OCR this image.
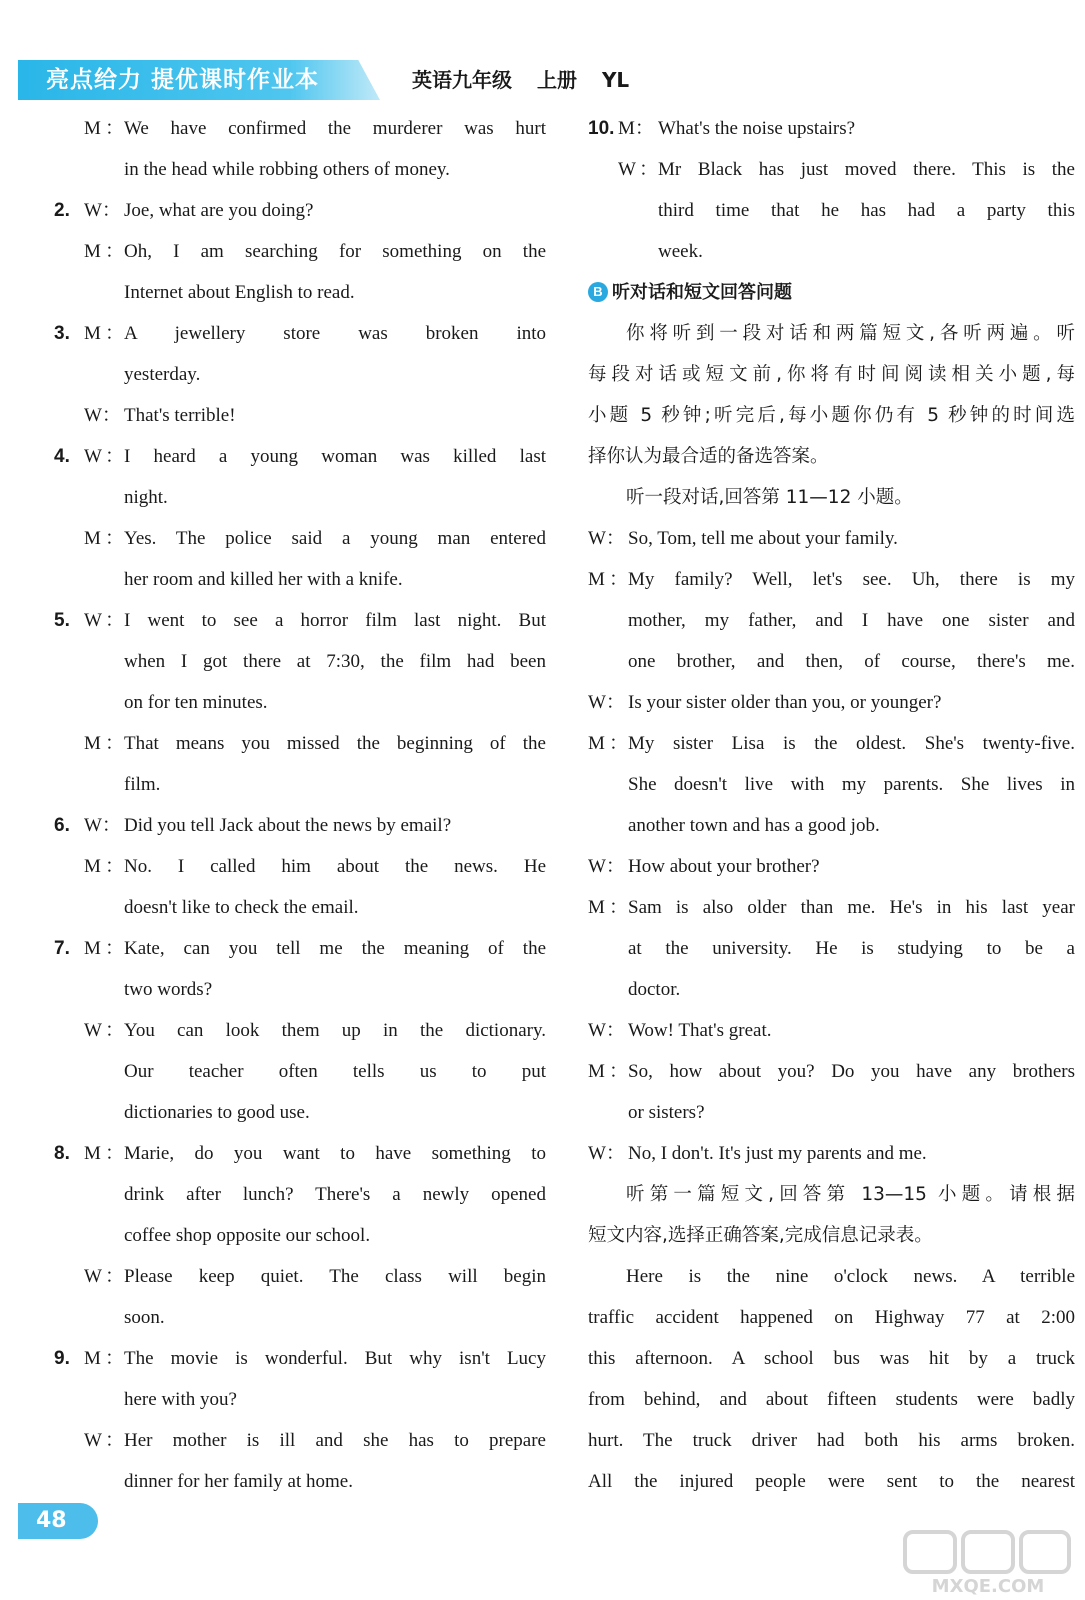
亮点给力 提优课时作业本	英语九年级 上册 YL
M：We have confirmed the murderer was hurt
in the head while robbing others of money.
2. W： Joe, what are you doing?
M：Oh, I am searching for something on the
Internet about English to read.
3. M：A jewellery store was broken into
yesterday.
W： That's terrible!
4. W：I heard a young woman was killed last
night.
M：Yes. The police said a young man entered
her room and killed her with a knife.
5. W：I went to see a horror film last night. But
when I got there at 7:30, the film had been
on for ten minutes.
M：That means you missed the beginning of the
film.
6. W： Did you tell Jack about the news by email?
M：No. I called him about the news. He
doesn't like to check the email.
7. M：Kate, can you tell me the meaning of the
two words?
W：You can look them up in the dictionary.
Our teacher often tells us to put
dictionaries to good use.
8. M：Marie, do you want to have something to
drink after lunch? There's a newly opened
coffee shop opposite our school.
W：Please keep quiet. The class will begin
soon.
9. M：The movie is wonderful. But why isn't Lucy
here with you?
W：Her mother is ill and she has to prepare
dinner for her family at home.
10. M： What's the noise upstairs?
W：Mr Black has just moved there. This is the
third time that he has had a party this
week.
B 听对话和短文回答问题
你将听到一段对话和两篇短文,各听两遍。听
每段对话或短文前,你将有时间阅读相关小题,每
小题 5 秒钟;听完后,每小题你仍有 5 秒钟的时间选
择你认为最合适的备选答案。
听一段对话,回答第 11—12 小题。
W： So, Tom, tell me about your family.
M：My family? Well, let's see. Uh, there is my
mother, my father, and I have one sister and
one brother, and then, of course, there's me.
W： Is your sister older than you, or younger?
M：My sister Lisa is the oldest. She's twenty-five.
She doesn't live with my parents. She lives in
another town and has a good job.
W： How about your brother?
M：Sam is also older than me. He's in his last year
at the university. He is studying to be a
doctor.
W： Wow! That's great.
M：So, how about you? Do you have any brothers
or sisters?
W： No, I don't. It's just my parents and me.
听第一篇短文,回答第 13—15 小题。请根据
短文内容,选择正确答案,完成信息记录表。
Here is the nine o'clock news. A terrible
traffic accident happened on Highway 77 at 2:00
this afternoon. A school bus was hit by a truck
from behind, and about fifteen students were badly
hurt. The truck driver had both his arms broken.
All the injured people were sent to the nearest
48
MXQE.COM
